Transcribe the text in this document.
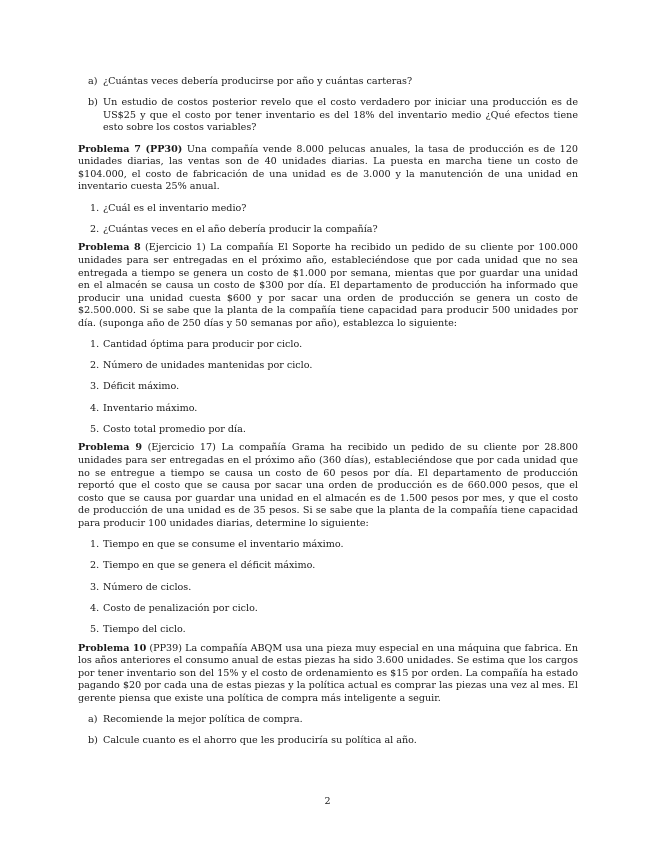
a) ¿Cuántas veces debería producirse por año y cuántas carteras?
b) Un estudio de costos posterior revelo que el costo verdadero por iniciar una producción es de US$25 y que el costo por tener inventario es del 18% del inventario medio ¿Qué efectos tiene esto sobre los costos variables?
Problema 7 (PP30) Una compañía vende 8.000 pelucas anuales, la tasa de producción es de 120 unidades diarias, las ventas son de 40 unidades diarias. La puesta en marcha tiene un costo de $104.000, el costo de fabricación de una unidad es de 3.000 y la manutención de una unidad en inventario cuesta 25% anual.
1. ¿Cuál es el inventario medio?
2. ¿Cuántas veces en el año debería producir la compañía?
Problema 8 (Ejercicio 1) La compañía El Soporte ha recibido un pedido de su cliente por 100.000 unidades para ser entregadas en el próximo año, estableciéndose que por cada unidad que no sea entregada a tiempo se genera un costo de $1.000 por semana, mientas que por guardar una unidad en el almacén se causa un costo de $300 por día. El departamento de producción ha informado que producir una unidad cuesta $600 y por sacar una orden de producción se genera un costo de $2.500.000. Si se sabe que la planta de la compañía tiene capacidad para producir 500 unidades por día. (suponga año de 250 días y 50 semanas por año), establezca lo siguiente:
1. Cantidad óptima para producir por ciclo.
2. Número de unidades mantenidas por ciclo.
3. Déficit máximo.
4. Inventario máximo.
5. Costo total promedio por día.
Problema 9 (Ejercicio 17) La compañía Grama ha recibido un pedido de su cliente por 28.800 unidades para ser entregadas en el próximo año (360 días), estableciéndose que por cada unidad que no se entregue a tiempo se causa un costo de 60 pesos por día. El departamento de producción reportó que el costo que se causa por sacar una orden de producción es de 660.000 pesos, que el costo que se causa por guardar una unidad en el almacén es de 1.500 pesos por mes, y que el costo de producción de una unidad es de 35 pesos. Si se sabe que la planta de la compañía tiene capacidad para producir 100 unidades diarias, determine lo siguiente:
1. Tiempo en que se consume el inventario máximo.
2. Tiempo en que se genera el déficit máximo.
3. Número de ciclos.
4. Costo de penalización por ciclo.
5. Tiempo del ciclo.
Problema 10 (PP39) La compañía ABQM usa una pieza muy especial en una máquina que fabrica. En los años anteriores el consumo anual de estas piezas ha sido 3.600 unidades. Se estima que los cargos por tener inventario son del 15% y el costo de ordenamiento es $15 por orden. La compañía ha estado pagando $20 por cada una de estas piezas y la política actual es comprar las piezas una vez al mes. El gerente piensa que existe una política de compra más inteligente a seguir.
a) Recomiende la mejor política de compra.
b) Calcule cuanto es el ahorro que les produciría su política al año.
2
